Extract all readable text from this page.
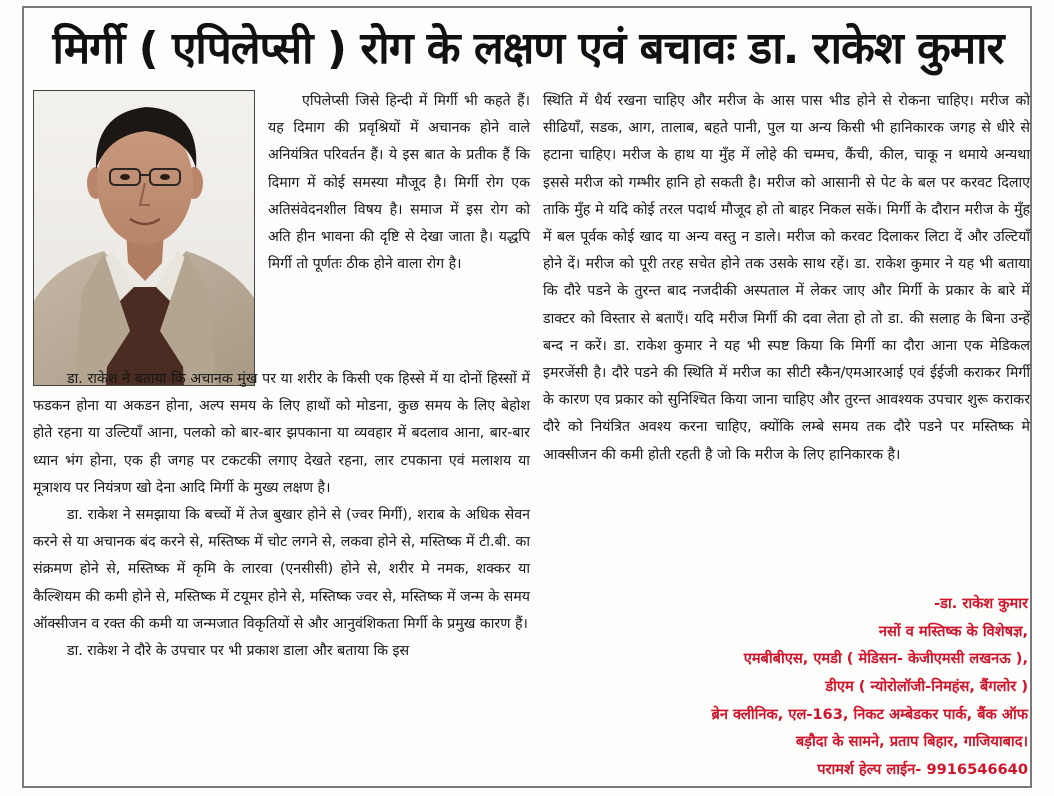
मिर्गी ( एपिलेप्सी ) रोग के लक्षण एवं बचावः डा. राकेश कुमार
एपिलेप्सी जिसे हिन्दी में मिर्गी भी कहते हैं। यह दिमाग की प्रवृश्रियों में अचानक होने वाले अनियंत्रित परिवर्तन हैं। ये इस बात के प्रतीक हैं कि दिमाग में कोई समस्या मौजूद है। मिर्गी रोग एक अतिसंवेदनशील विषय है। समाज में इस रोग को अति हीन भावना की दृष्टि से देखा जाता है। यद्धपि मिर्गी तो पूर्णतः ठीक होने वाला रोग है।
डा. राकेश ने बताया कि अचानक मुंख पर या शरीर के किसी एक हिस्से में या दोनों हिस्सों में फडकन होना या अकडन होना, अल्प समय के लिए हाथों को मोडना, कुछ समय के लिए बेहोश होते रहना या उल्टियाँ आना, पलको को बार-बार झपकाना या व्यवहार में बदलाव आना, बार-बार ध्यान भंग होना, एक ही जगह पर टकटकी लगाए देखते रहना, लार टपकाना एवं मलाशय या मूत्राशय पर नियंत्रण खो देना आदि मिर्गी के मुख्य लक्षण है।
डा. राकेश ने समझाया कि बच्चों में तेज बुखार होने से (ज्वर मिर्गी), शराब के अधिक सेवन करने से या अचानक बंद करने से, मस्तिष्क में चोट लगने से, लकवा होने से, मस्तिष्क में टी.बी. का संक्रमण होने से, मस्तिष्क में कृमि के लारवा (एनसीसी) होने से, शरीर मे नमक, शक्कर या कैल्शियम की कमी होने से, मस्तिष्क में टयूमर होने से, मस्तिष्क ज्वर से, मस्तिष्क में जन्म के समय ऑक्सीजन व रक्त की कमी या जन्मजात विकृतियों से और आनुवंशिकता मिर्गी के प्रमुख कारण हैं।
डा. राकेश ने दौरे के उपचार पर भी प्रकाश डाला और बताया कि इस
स्थिति में धैर्य रखना चाहिए और मरीज के आस पास भीड होने से रोकना चाहिए। मरीज को सीढियाँ, सडक, आग, तालाब, बहते पानी, पुल या अन्य किसी भी हानिकारक जगह से धीरे से हटाना चाहिए। मरीज के हाथ या मुँह में लोहे की चम्मच, कैंची, कील, चाकू न थमाये अन्यथा इससे मरीज को गम्भीर हानि हो सकती है। मरीज को आसानी से पेट के बल पर करवट दिलाए ताकि मुँह मे यदि कोई तरल पदार्थ मौजूद हो तो बाहर निकल सकें। मिर्गी के दौरान मरीज के मुँह में बल पूर्वक कोई खाद या अन्य वस्तु न डाले। मरीज को करवट दिलाकर लिटा दें और उल्टियाँ होने दें। मरीज को पूरी तरह सचेत होने तक उसके साथ रहें। डा. राकेश कुमार ने यह भी बताया कि दौरे पडने के तुरन्त बाद नजदीकी अस्पताल में लेकर जाए और मिर्गी के प्रकार के बारे में डाक्टर को विस्तार से बताएँ। यदि मरीज मिर्गी की दवा लेता हो तो डा. की सलाह के बिना उन्हें बन्द न करें। डा. राकेश कुमार ने यह भी स्पष्ट किया कि मिर्गी का दौरा आना एक मेडिकल इमरजेंसी है। दौरे पडने की स्थिति में मरीज का सीटी स्कैन/एमआरआई एवं ईईजी कराकर मिर्गी के कारण एव प्रकार को सुनिश्चित किया जाना चाहिए और तुरन्त आवश्यक उपचार शुरू कराकर दौरे को नियंत्रित अवश्य करना चाहिए, क्योंकि लम्बे समय तक दौरे पडने पर मस्तिष्क मे आक्सीजन की कमी होती रहती है जो कि मरीज के लिए हानिकारक है।
-डा. राकेश कुमार
नसों व मस्तिष्क के विशेषज्ञ,
एमबीबीएस, एमडी ( मेडिसन- केजीएमसी लखनऊ ),
डीएम ( न्योरोलॉजी-निमहंस, बैंगलोर )
ब्रेन क्लीनिक, एल-163, निकट अम्बेडकर पार्क, बैंक ऑफ
बड़ौदा के सामने, प्रताप बिहार, गाजियाबाद।
परामर्श हेल्प लाईन- 9916546640
